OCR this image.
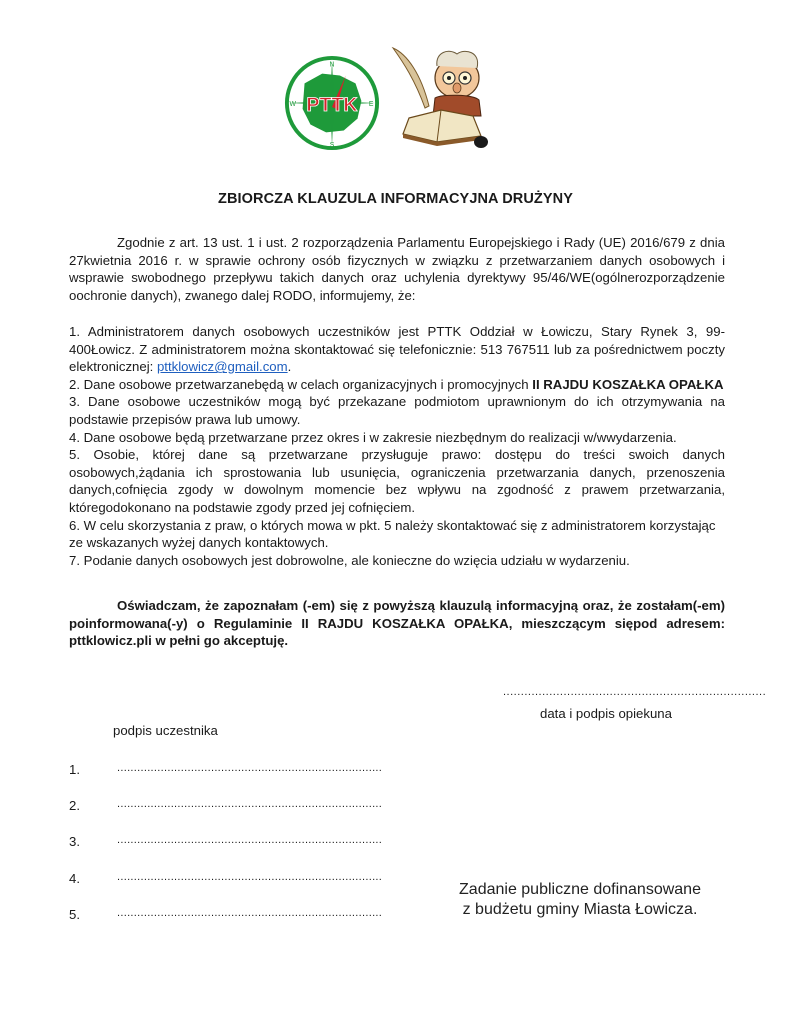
PTTK
N
S
E
W
ZBIORCZA KLAUZULA INFORMACYJNA DRUŻYNY
Zgodnie z art. 13 ust. 1 i ust. 2 rozporządzenia Parlamentu Europejskiego i Rady (UE) 2016/679 z dnia 27kwietnia 2016 r. w sprawie ochrony osób fizycznych w związku z przetwarzaniem danych osobowych i wsprawie swobodnego przepływu takich danych oraz uchylenia dyrektywy 95/46/WE(ogólnerozporządzenie oochronie danych), zwanego dalej RODO, informujemy, że:

1. Administratorem danych osobowych uczestników jest PTTK Oddział w Łowiczu, Stary Rynek 3, 99-400Łowicz. Z administratorem można skontaktować się telefonicznie: 513 767511 lub za pośrednictwem poczty elektronicznej: pttklowicz@gmail.com.

2. Dane osobowe przetwarzanebędą w celach organizacyjnych i promocyjnych II RAJDU KOSZAŁKA OPAŁKA

3. Dane osobowe uczestników mogą być przekazane podmiotom uprawnionym do ich otrzymywania na podstawie przepisów prawa lub umowy.

4. Dane osobowe będą przetwarzane przez okres i w zakresie niezbędnym do realizacji w/wwydarzenia.

5. Osobie, której dane są przetwarzane przysługuje prawo: dostępu do treści swoich danych osobowych,żądania ich sprostowania lub usunięcia, ograniczenia przetwarzania danych, przenoszenia danych,cofnięcia zgody w dowolnym momencie bez wpływu na zgodność z prawem przetwarzania, któregodokonano na podstawie zgody przed jej cofnięciem.

6. W celu skorzystania z praw, o których mowa w pkt. 5 należy skontaktować się z administratorem korzystając ze wskazanych wyżej danych kontaktowych.

7. Podanie danych osobowych jest dobrowolne, ale konieczne do wzięcia udziału w wydarzeniu.

Oświadczam, że zapoznałam (-em) się z powyższą klauzulą informacyjną oraz, że zostałam(-em) poinformowana(-y) o Regulaminie II RAJDU KOSZAŁKA OPAŁKA, mieszczącym siępod adresem: pttklowicz.pli w pełni go akceptuję.
..........................................................................
data i podpis opiekuna
podpis uczestnika
1.	...............................................................................
2.	...............................................................................
3.	...............................................................................
4.	...............................................................................
5.	...............................................................................
Zadanie publiczne dofinansowane
z budżetu gminy Miasta Łowicza.
